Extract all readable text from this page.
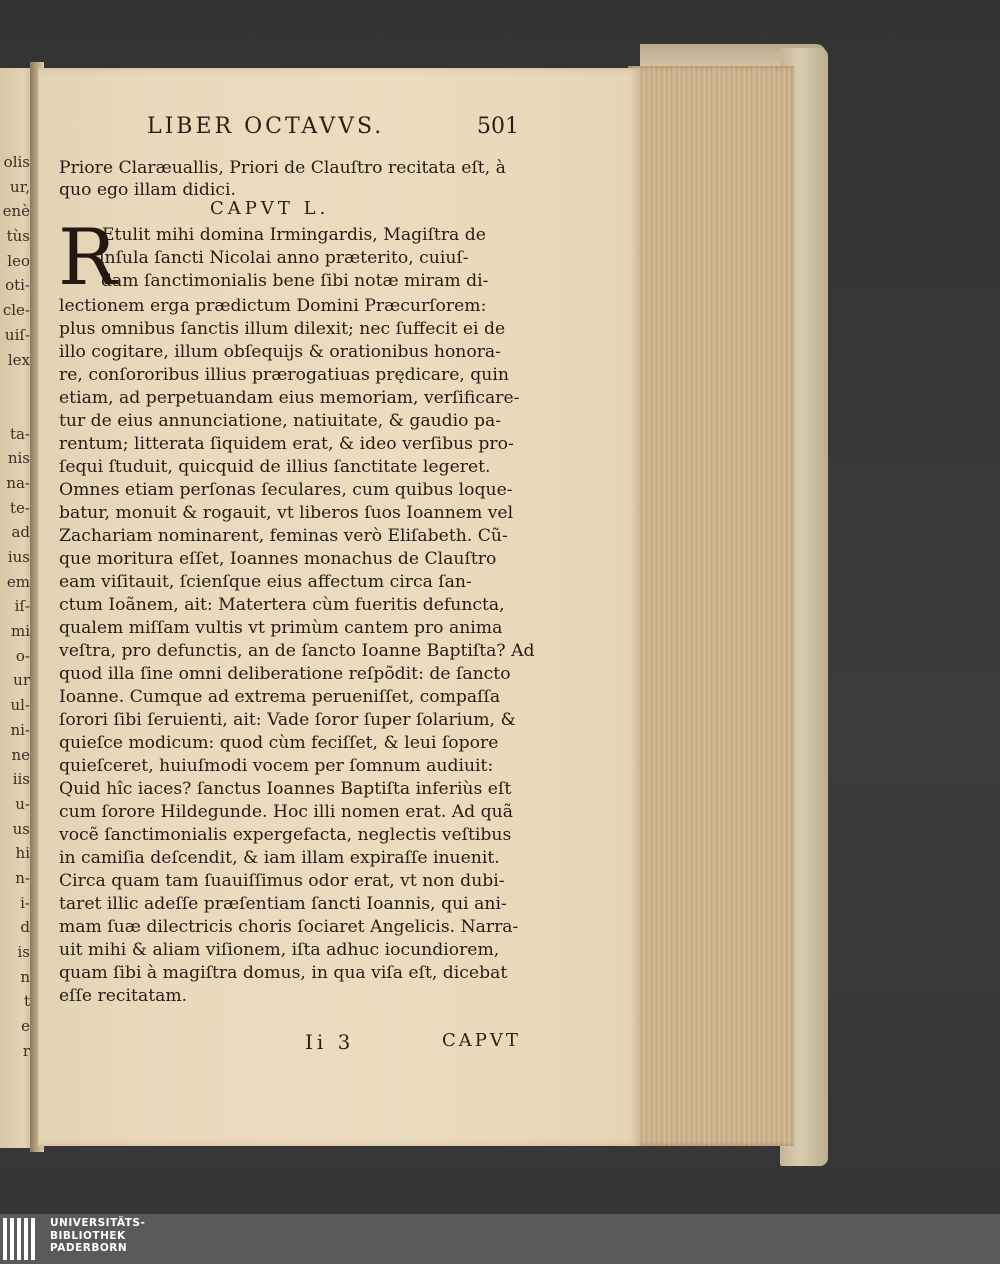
olis
ur,
enè
tùs
leo
oti-
cle-
uiſ-
lex
ta-
nis
na-
te-
ad
ius
em
iſ-
mi
o-
ur
ul-
ni-
ne
iis
u-
us
hi
n-
i-
d
is
n
t
e
r
LIBER OCTAVVS.	501
Priore Claræuallis, Priori de Clauſtro recitata eſt, à
quo ego illam didici.
CAPVT L.
R
Etulit mihi domina Irmingardis, Magiſtra de
inſula ſancti Nicolai anno præterito, cuiuſ-
dam ſanctimonialis bene ſibi notæ miram di-
lectionem erga prædictum Domini Præcurſorem:
plus omnibus ſanctis illum dilexit; nec ſuffecit ei de
illo cogitare, illum obſequijs & orationibus honora-
re, conſororibus illius prærogatiuas prędicare, quin
etiam, ad perpetuandam eius memoriam, verſificare-
tur de eius annunciatione, natiuitate, & gaudio pa-
rentum; litterata ſiquidem erat, & ideo verſibus pro-
ſequi ſtuduit, quicquid de illius ſanctitate legeret.
Omnes etiam perſonas ſeculares, cum quibus loque-
batur, monuit & rogauit, vt liberos ſuos Ioannem vel
Zachariam nominarent, feminas verò Eliſabeth. Cũ-
que moritura eſſet, Ioannes monachus de Clauſtro
eam viſitauit, ſcienſque eius affectum circa ſan-
ctum Ioãnem, ait: Matertera cùm fueritis defuncta,
qualem miſſam vultis vt primùm cantem pro anima
veſtra, pro defunctis, an de ſancto Ioanne Baptiſta? Ad
quod illa ſine omni deliberatione reſpõdit: de ſancto
Ioanne. Cumque ad extrema perueniſſet, compaſſa
ſorori ſibi ſeruienti, ait: Vade ſoror ſuper ſolarium, &
quieſce modicum: quod cùm feciſſet, & leui ſopore
quieſceret, huiuſmodi vocem per ſomnum audiuit:
Quid hîc iaces? ſanctus Ioannes Baptiſta inferiùs eſt
cum ſorore Hildegunde. Hoc illi nomen erat. Ad quã
vocẽ ſanctimonialis expergefacta, neglectis veſtibus
in camiſia deſcendit, & iam illam expiraſſe inuenit.
Circa quam tam ſuauiſſimus odor erat, vt non dubi-
taret illic adeſſe præſentiam ſancti Ioannis, qui ani-
mam ſuæ dilectricis choris ſociaret Angelicis. Narra-
uit mihi & aliam viſionem, iſta adhuc iocundiorem,
quam ſibi à magiſtra domus, in qua viſa eſt, dicebat
eſſe recitatam.
Ii 3	CAPVT
UNIVERSITÄTS-
BIBLIOTHEK
PADERBORN
